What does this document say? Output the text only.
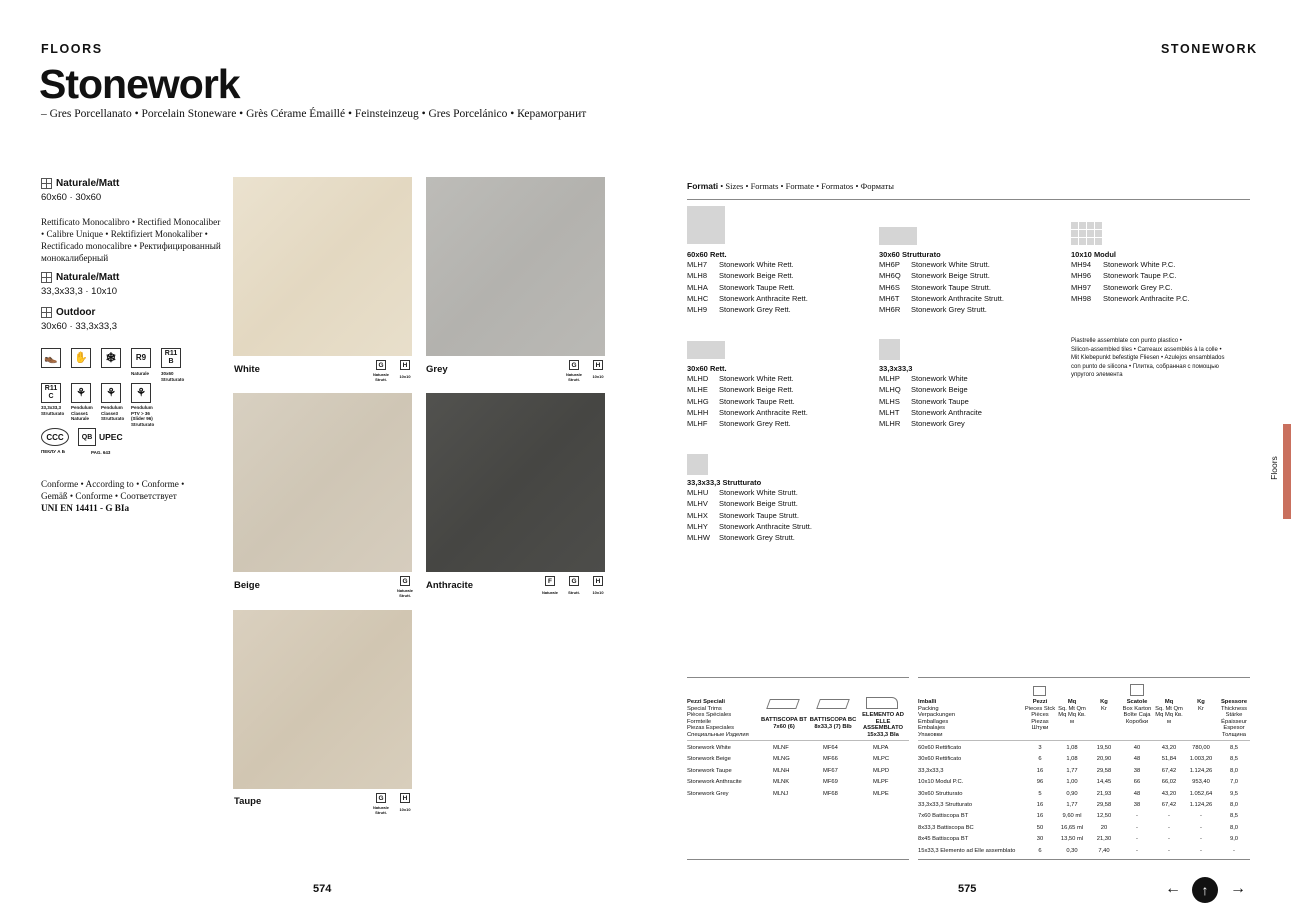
FLOORS
Stonework
– Gres Porcellanato • Porcelain Stoneware • Grès Cérame Émaillé • Feinsteinzeug • Gres Porcelánico • Керамогранит
Naturale/Matt
60x60 · 30x60
Rettificato Monocalibro • Rectified Monocaliber
• Calibre Unique • Rektifiziert Monokaliber •
Rectificado monocalibre • Ректифицированный
монокалиберный
Naturale/Matt
33,3x33,3 · 10x10
Outdoor
30x60 · 33,3x33,3
👞 ✋	❄	R9
Naturale
R11 B
30x60 Strutturato
R11 C
33,3x33,3 Strutturato
⚘
Pendulum Classe1 Naturale
⚘
Pendulum Classe3 Strutturato
⚘
Pendulum PTV > 36 (Slider 96) Strutturato
CCC
ПЕКЛУ А Б
QB UPEC
PAG. 643
Conforme • According to • Conforme •
Gemäß • Conforme • Соответствует
UNI EN 14411 - G BIa
White	G
Naturale Strutt.
H
10x10
Grey	G
Naturale Strutt.
H
10x10
Beige	G
Naturale Strutt.
Anthracite	F
Naturale
G
Strutt.
H
10x10
Taupe	G
Naturale Strutt.
H
10x10
574
STONEWORK
Formati • Sizes • Formats • Formate • Formatos • Форматы
60x60 Rett.
MLH7	Stonework White Rett.
MLH8	Stonework Beige Rett.
MLHA	Stonework Taupe Rett.
MLHC	Stonework Anthracite Rett.
MLH9	Stonework Grey Rett.
30x60 Strutturato
MH6P	Stonework White Strutt.
MH6Q	Stonework Beige Strutt.
MH6S	Stonework Taupe Strutt.
MH6T	Stonework Anthracite Strutt.
MH6R	Stonework Grey Strutt.
10x10 Modul
MH94	Stonework White P.C.
MH96	Stonework Taupe P.C.
MH97	Stonework Grey P.C.
MH98	Stonework Anthracite P.C.
Piastrelle assemblate con punto plastico •
Silicon-assembled tiles • Carreaux assemblés à la colle •
Mit Klebepunkt befestigte Fliesen • Azulejos ensamblados
con punto de silicona • Плитка, собранная с помощью
упругого элемента
30x60 Rett.
MLHD	Stonework White Rett.
MLHE	Stonework Beige Rett.
MLHG	Stonework Taupe Rett.
MLHH	Stonework Anthracite Rett.
MLHF	Stonework Grey Rett.
33,3x33,3
MLHP	Stonework White
MLHQ	Stonework Beige
MLHS	Stonework Taupe
MLHT	Stonework Anthracite
MLHR	Stonework Grey
33,3x33,3 Strutturato
MLHU	Stonework White Strutt.
MLHV	Stonework Beige Strutt.
MLHX	Stonework Taupe Strutt.
MLHY	Stonework Anthracite Strutt.
MLHW	Stonework Grey Strutt.
Floors
Pezzi Speciali
Special Trims
Pièces Spéciales
Formteile
Piezas Especiales
Специальные Изделия
BATTISCOPA BT 7x60 (6)
BATTISCOPA BC 8x33,3 (7) BIb
ELEMENTO AD ELLE ASSEMBLATO 15x33,3 BIa
Stonework White	MLNF	MF64	MLPA
Stonework Beige	MLNG	MF66	MLPC
Stonework Taupe	MLNH	MF67	MLPD
Stonework Anthracite	MLNK	MF69	MLPF
Stonework Grey	MLNJ	MF68	MLPE
Imballi
Packing
Verpackungen
Emballages
Embalajes
Упаковки
Pezzi
Pieces Stck Pièces Piezas Штуки
Mq
Sq. Mt Qm Mq Mq Кв. м
Kg
Kг
Scatole
Box Karton Boîte Caja Коробки
Mq
Sq. Mt Qm Mq Mq Кв. м
Kg
Kг
Spessore
Thickness Stärke Épaisseur Espesor Толщина
60x60 Rettificato	3	1,08	19,50	40	43,20	780,00	8,5
30x60 Rettificato	6	1,08	20,90	48	51,84	1.003,20	8,5
33,3x33,3	16	1,77	29,58	38	67,42	1.124,26	8,0
10x10 Modul P.C.	96	1,00	14,45	66	66,02	953,40	7,0
30x60 Strutturato	5	0,90	21,93	48	43,20	1.052,64	9,5
33,3x33,3 Strutturato	16	1,77	29,58	38	67,42	1.124,26	8,0
7x60 Battiscopa BT	16	9,60 ml	12,50	-	-	-	8,5
8x33,3 Battiscopa BC	50	16,65 ml	20	-	-	-	8,0
8x45 Battiscopa BT	30	13,50 ml	21,30	-	-	-	9,0
15x33,3 Elemento ad Elle assemblato	6	0,30	7,40	-	-	-	-
575	← ↑ →
